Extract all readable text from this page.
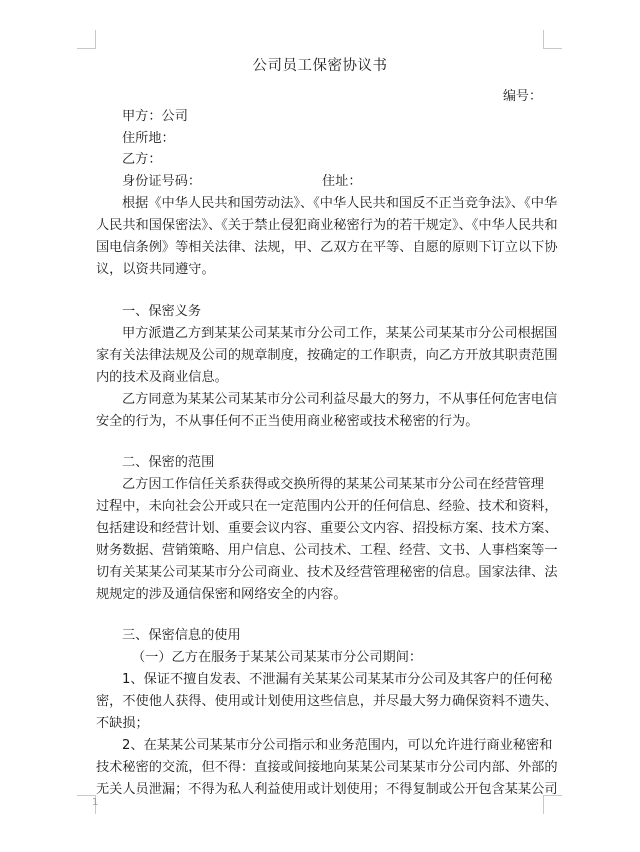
公司员工保密协议书
编号：
甲方：公司
住所地：
乙方：
身份证号码：	住址：
根据《中华人民共和国劳动法》、《中华人民共和国反不正当竞争法》、《中华
人民共和国保密法》、《关于禁止侵犯商业秘密行为的若干规定》、《中华人民共和
国电信条例》等相关法律、法规，甲、乙双方在平等、自愿的原则下订立以下协
议，以资共同遵守。
一、保密义务
甲方派遣乙方到某某公司某某市分公司工作，某某公司某某市分公司根据国
家有关法律法规及公司的规章制度，按确定的工作职责，向乙方开放其职责范围
内的技术及商业信息。
乙方同意为某某公司某某市分公司利益尽最大的努力，不从事任何危害电信
安全的行为，不从事任何不正当使用商业秘密或技术秘密的行为。
二、保密的范围
乙方因工作信任关系获得或交换所得的某某公司某某市分公司在经营管理
过程中，未向社会公开或只在一定范围内公开的任何信息、经验、技术和资料，
包括建设和经营计划、重要会议内容、重要公文内容、招投标方案、技术方案、
财务数据、营销策略、用户信息、公司技术、工程、经营、文书、人事档案等一
切有关某某公司某某市分公司商业、技术及经营管理秘密的信息。国家法律、法
规规定的涉及通信保密和网络安全的内容。
三、保密信息的使用
（一）乙方在服务于某某公司某某市分公司期间：
1、保证不擅自发表、不泄漏有关某某公司某某市分公司及其客户的任何秘
密，不使他人获得、使用或计划使用这些信息，并尽最大努力确保资料不遗失、
不缺损；
2、在某某公司某某市分公司指示和业务范围内，可以允许进行商业秘密和
技术秘密的交流，但不得：直接或间接地向某某公司某某市分公司内部、外部的
无关人员泄漏；不得为私人利益使用或计划使用；不得复制或公开包含某某公司
1
